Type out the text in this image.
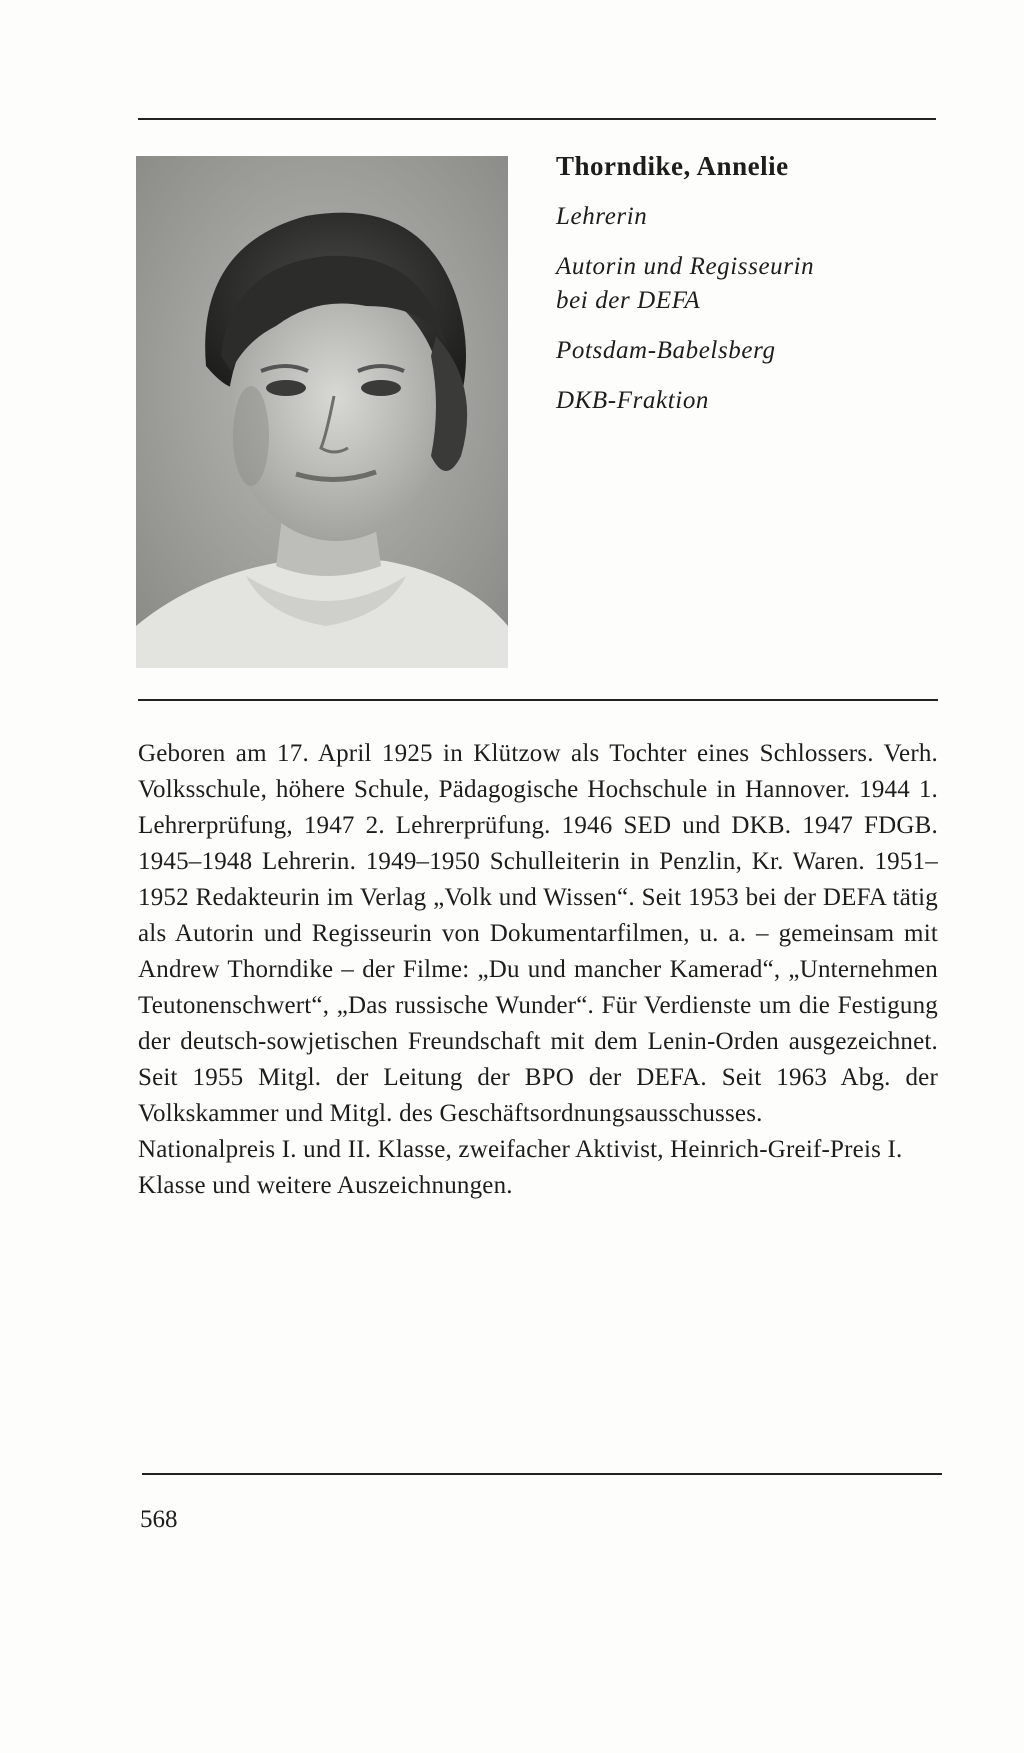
Thorndike, Annelie
Lehrerin
Autorin und Regisseurin
bei der DEFA
Potsdam-Babelsberg
DKB-Fraktion

Geboren am 17. April 1925 in Klützow als Tochter eines Schlossers. Verh. Volksschule, höhere Schule, Pädagogische Hochschule in Hannover. 1944 1. Lehrerprüfung, 1947 2. Lehrerprüfung. 1946 SED und DKB. 1947 FDGB. 1945–1948 Lehrerin. 1949–1950 Schulleiterin in Penzlin, Kr. Waren. 1951–1952 Redakteurin im Verlag „Volk und Wissen“. Seit 1953 bei der DEFA tätig als Autorin und Regisseurin von Dokumentarfilmen, u. a. – gemeinsam mit Andrew Thorndike – der Filme: „Du und mancher Kamerad“, „Unternehmen Teutonenschwert“, „Das russische Wunder“. Für Verdienste um die Festigung der deutsch-sowjetischen Freundschaft mit dem Lenin-Orden ausgezeichnet. Seit 1955 Mitgl. der Leitung der BPO der DEFA. Seit 1963 Abg. der Volkskammer und Mitgl. des Geschäftsordnungsausschusses.

Nationalpreis I. und II. Klasse, zweifacher Aktivist, Heinrich-Greif-Preis I. Klasse und weitere Auszeichnungen.

568
